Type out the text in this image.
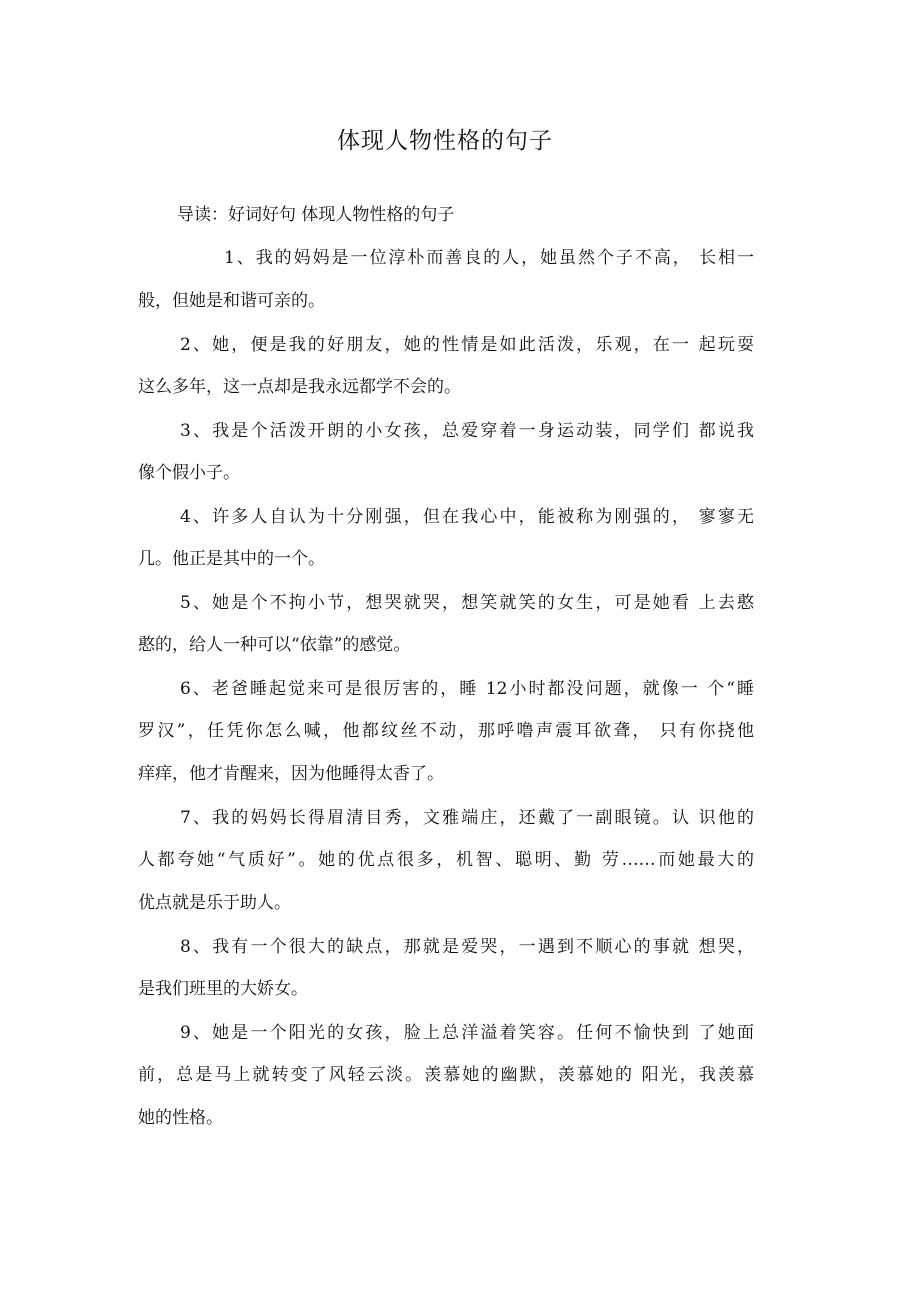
体现人物性格的句子
导读：好词好句 体现人物性格的句子
1、我的妈妈是一位淳朴而善良的人，她虽然个子不高， 长相一
般，但她是和谐可亲的。
2、她，便是我的好朋友，她的性情是如此活泼，乐观，在一 起玩耍
这么多年，这一点却是我永远都学不会的。
3、我是个活泼开朗的小女孩，总爱穿着一身运动装，同学们 都说我
像个假小子。
4、许多人自认为十分刚强，但在我心中，能被称为刚强的， 寥寥无
几。他正是其中的一个。
5、她是个不拘小节，想哭就哭，想笑就笑的女生，可是她看 上去憨
憨的，给人一种可以“依靠”的感觉。
6、老爸睡起觉来可是很厉害的，睡 12小时都没问题，就像一 个“睡
罗汉”，任凭你怎么喊，他都纹丝不动，那呼噜声震耳欲聋， 只有你挠他
痒痒，他才肯醒来，因为他睡得太香了。
7、我的妈妈长得眉清目秀，文雅端庄，还戴了一副眼镜。认 识他的
人都夸她“气质好”。她的优点很多，机智、聪明、勤 劳……而她最大的
优点就是乐于助人。
8、我有一个很大的缺点，那就是爱哭，一遇到不顺心的事就 想哭，
是我们班里的大娇女。
9、她是一个阳光的女孩，脸上总洋溢着笑容。任何不愉快到 了她面
前，总是马上就转变了风轻云淡。羡慕她的幽默，羡慕她的 阳光，我羡慕
她的性格。
